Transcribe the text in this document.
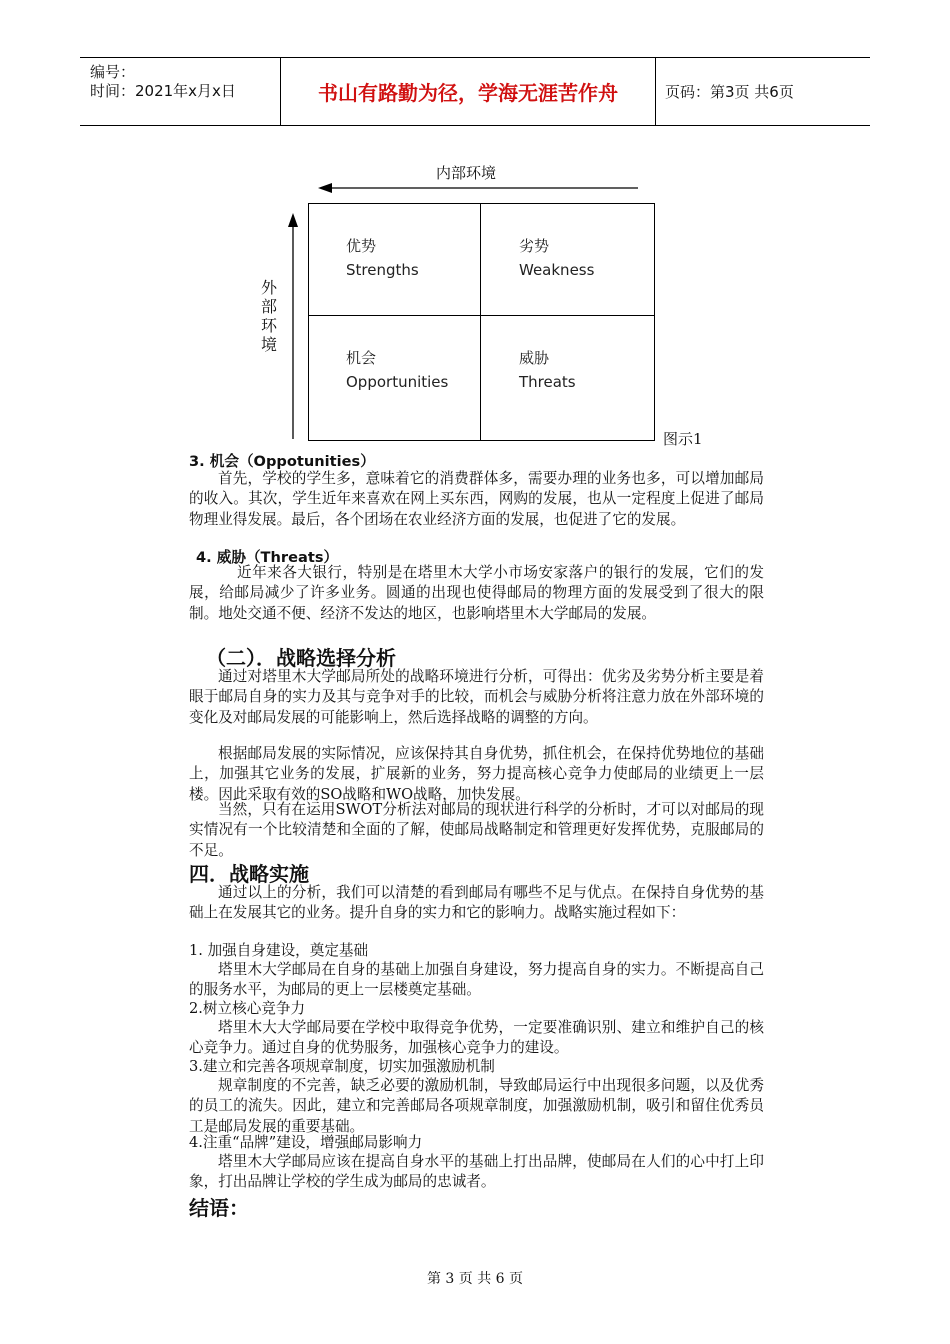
编号：
时间：2021年x月x日	书山有路勤为径，学海无涯苦作舟	页码：第3页 共6页
内部环境
外部环境
优势
Strengths
劣势
Weakness
机会
Opportunities
威胁
Threats
图示1
3. 机会（Oppotunities）
首先，学校的学生多，意味着它的消费群体多，需要办理的业务也多，可以增加邮局的收入。其次，学生近年来喜欢在网上买东西，网购的发展，也从一定程度上促进了邮局物理业得发展。最后，各个团场在农业经济方面的发展，也促进了它的发展。
4. 威胁（Threats）
近年来各大银行，特别是在塔里木大学小市场安家落户的银行的发展，它们的发展，给邮局减少了许多业务。圆通的出现也使得邮局的物理方面的发展受到了很大的限制。地处交通不便、经济不发达的地区，也影响塔里木大学邮局的发展。
（二）．战略选择分析
通过对塔里木大学邮局所处的战略环境进行分析，可得出：优劣及劣势分析主要是着眼于邮局自身的实力及其与竞争对手的比较，而机会与威胁分析将注意力放在外部环境的变化及对邮局发展的可能影响上，然后选择战略的调整的方向。
根据邮局发展的实际情况，应该保持其自身优势，抓住机会，在保持优势地位的基础上，加强其它业务的发展，扩展新的业务，努力提高核心竞争力使邮局的业绩更上一层楼。因此采取有效的SO战略和WO战略，加快发展。
当然，只有在运用SWOT分析法对邮局的现状进行科学的分析时，才可以对邮局的现实情况有一个比较清楚和全面的了解，使邮局战略制定和管理更好发挥优势，克服邮局的不足。
四．战略实施
通过以上的分析，我们可以清楚的看到邮局有哪些不足与优点。在保持自身优势的基础上在发展其它的业务。提升自身的实力和它的影响力。战略实施过程如下：
1. 加强自身建设，奠定基础
塔里木大学邮局在自身的基础上加强自身建设，努力提高自身的实力。不断提高自己的服务水平，为邮局的更上一层楼奠定基础。
2.树立核心竞争力
塔里木大大学邮局要在学校中取得竞争优势，一定要准确识别、建立和维护自己的核心竞争力。通过自身的优势服务，加强核心竞争力的建设。
3.建立和完善各项规章制度，切实加强激励机制
规章制度的不完善，缺乏必要的激励机制，导致邮局运行中出现很多问题，以及优秀的员工的流失。因此，建立和完善邮局各项规章制度，加强激励机制，吸引和留住优秀员工是邮局发展的重要基础。
4.注重“品牌”建设，增强邮局影响力
塔里木大学邮局应该在提高自身水平的基础上打出品牌，使邮局在人们的心中打上印象，打出品牌让学校的学生成为邮局的忠诚者。
结语：
第 3 页 共 6 页
